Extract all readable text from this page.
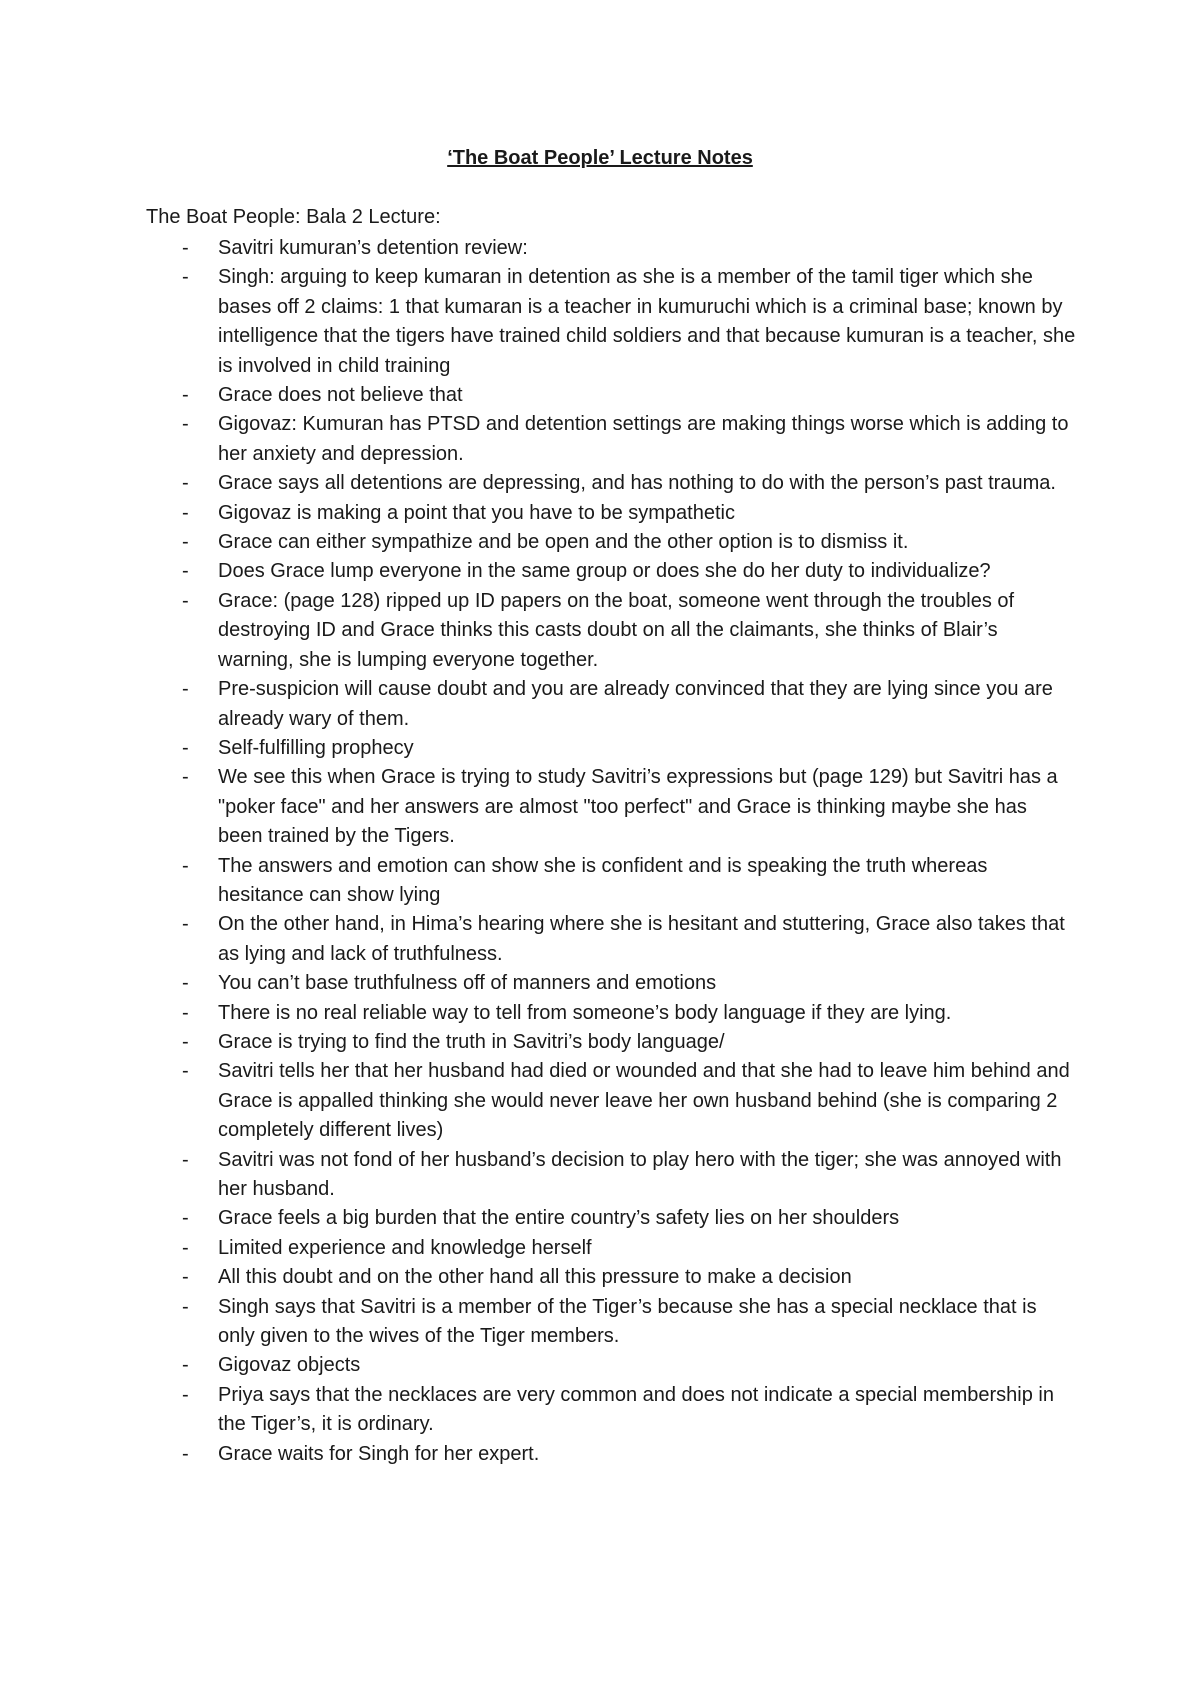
‘The Boat People’ Lecture Notes
The Boat People: Bala 2 Lecture:
- Savitri kumuran’s detention review:
- Singh: arguing to keep kumaran in detention as she is a member of the tamil tiger which she bases off 2 claims: 1 that kumaran is a teacher in kumuruchi which is a criminal base; known by intelligence that the tigers have trained child soldiers and that because kumuran is a teacher, she is involved in child training
- Grace does not believe that
- Gigovaz: Kumuran has PTSD and detention settings are making things worse which is adding to her anxiety and depression.
- Grace says all detentions are depressing, and has nothing to do with the person’s past trauma.
- Gigovaz is making a point that you have to be sympathetic
- Grace can either sympathize and be open and the other option is to dismiss it.
- Does Grace lump everyone in the same group or does she do her duty to individualize?
- Grace: (page 128) ripped up ID papers on the boat, someone went through the troubles of destroying ID and Grace thinks this casts doubt on all the claimants, she thinks of Blair’s warning, she is lumping everyone together.
- Pre-suspicion will cause doubt and you are already convinced that they are lying since you are already wary of them.
- Self-fulfilling prophecy
- We see this when Grace is trying to study Savitri’s expressions but (page 129) but Savitri has a "poker face" and her answers are almost "too perfect" and Grace is thinking maybe she has been trained by the Tigers.
- The answers and emotion can show she is confident and is speaking the truth whereas hesitance can show lying
- On the other hand, in Hima’s hearing where she is hesitant and stuttering, Grace also takes that as lying and lack of truthfulness.
- You can’t base truthfulness off of manners and emotions
- There is no real reliable way to tell from someone’s body language if they are lying.
- Grace is trying to find the truth in Savitri’s body language/
- Savitri tells her that her husband had died or wounded and that she had to leave him behind and Grace is appalled thinking she would never leave her own husband behind (she is comparing 2 completely different lives)
- Savitri was not fond of her husband’s decision to play hero with the tiger; she was annoyed with her husband.
- Grace feels a big burden that the entire country’s safety lies on her shoulders
- Limited experience and knowledge herself
- All this doubt and on the other hand all this pressure to make a decision
- Singh says that Savitri is a member of the Tiger’s because she has a special necklace that is only given to the wives of the Tiger members.
- Gigovaz objects
- Priya says that the necklaces are very common and does not indicate a special membership in the Tiger’s, it is ordinary.
- Grace waits for Singh for her expert.
